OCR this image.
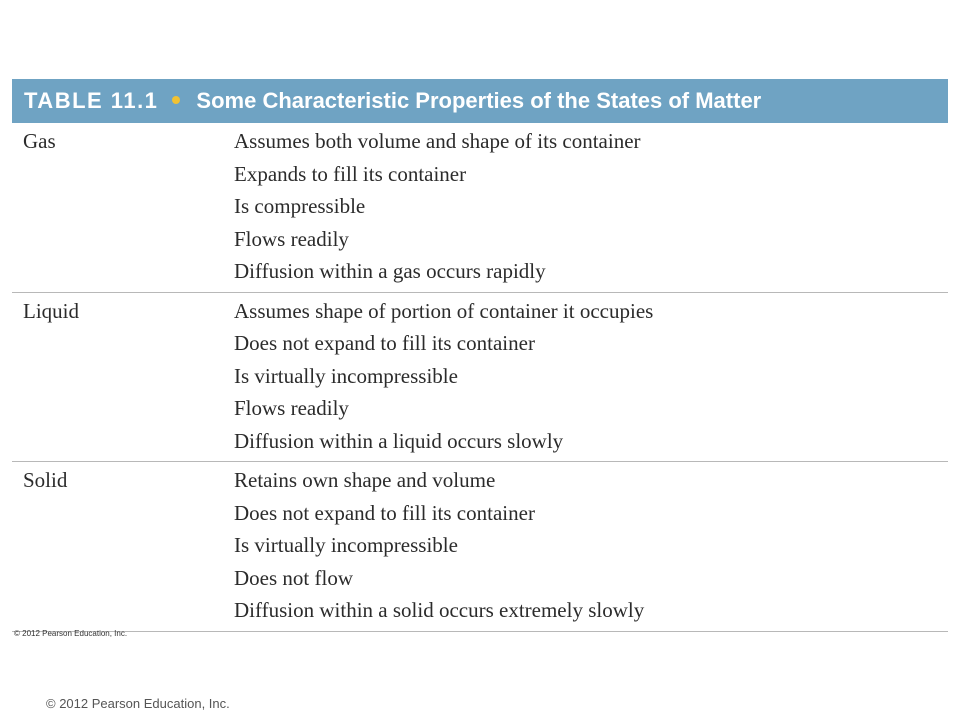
TABLE 11.1 Some Characteristic Properties of the States of Matter
Gas	Assumes both volume and shape of its container
Expands to fill its container
Is compressible
Flows readily
Diffusion within a gas occurs rapidly
Liquid	Assumes shape of portion of container it occupies
Does not expand to fill its container
Is virtually incompressible
Flows readily
Diffusion within a liquid occurs slowly
Solid	Retains own shape and volume
Does not expand to fill its container
Is virtually incompressible
Does not flow
Diffusion within a solid occurs extremely slowly
© 2012 Pearson Education, Inc.
© 2012 Pearson Education, Inc.
